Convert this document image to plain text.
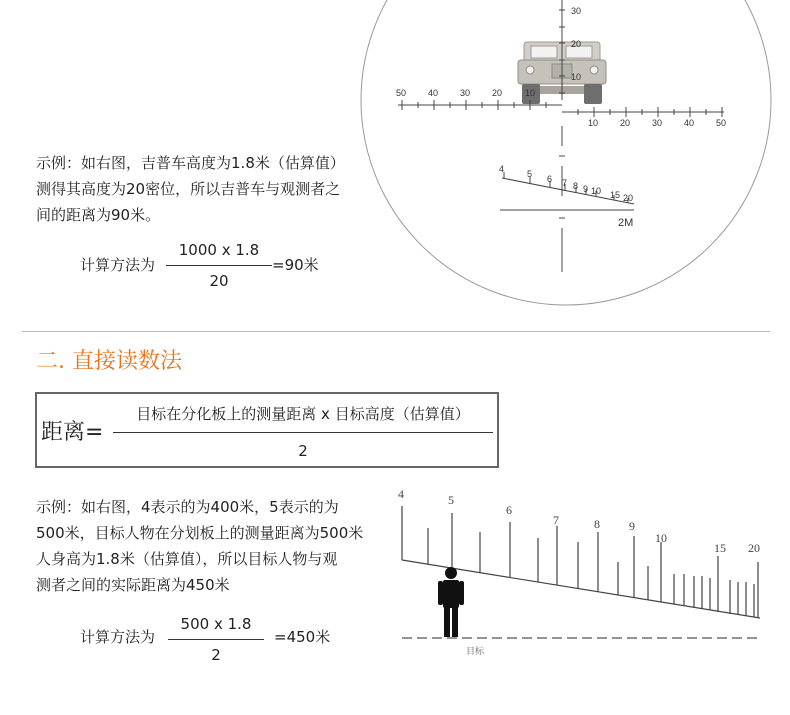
示例：如右图，吉普车高度为1.8米（估算值）
测得其高度为20密位，所以吉普车与观测者之
间的距离为90米。
计算方法为
1000 x 1.8
20
=90米
30
20
10
50 40 30 20	10
10 20 30 40 50
4	5 6 7 8 9 10 15 20
2M
二. 直接读数法
距离=
目标在分化板上的测量距离 x 目标高度（估算值）
2
示例：如右图，4表示的为400米，5表示的为
500米，目标人物在分划板上的测量距离为500米
人身高为1.8米（估算值），所以目标人物与观
测者之间的实际距离为450米
计算方法为
500 x 1.8
2
=450米
4	5
6
7	8 9
10
15 20
目标
